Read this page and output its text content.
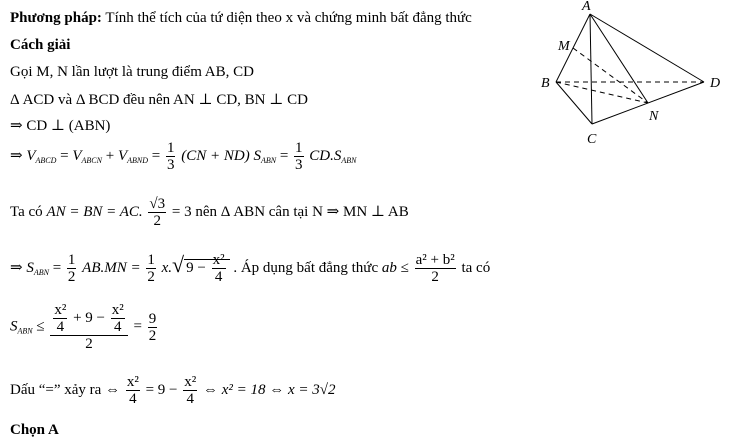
Phương pháp: Tính thể tích của tứ diện theo x và chứng minh bất đẳng thức
Cách giải
Gọi M, N lần lượt là trung điểm AB, CD
Δ ACD và Δ BCD đều nên AN ⊥ CD, BN ⊥ CD
⇒ CD ⊥ (ABN)
⇒ $V_{ABCD} = V_{ABCN} + V_{ABND} = \frac{1}{3} (CN + ND) S_{ABN} = \frac{1}{3} CD.S_{ABN}$
Ta có AN = BN = AC. $\frac{√3}{2} = 3$ nên Δ ABN cân tại N ⇒ MN ⊥ AB
⇒ $S_{ABN} = \frac{1}{2} AB.MN = \frac{1}{2} x.√$ $9 - \frac{\text{x²}}{4}$ . Áp dụng bất đẳng thức ab ≤ $\frac{\text{a² + b²}}{2}$ ta có
$S_{ABN} \le \frac{\frac{\text{x²}}{4} + 9 - \frac{\text{x²}}{4}}{2} = \frac{9}{2}$
Dấu “=” xảy ra ⇔ $\frac{\text{x²}}{4} = 9 - \frac{\text{x²}}{4}$ ⇔ x² = 18 ⇔ x = 3√2
Chọn A
A
B
C
D
M
N
